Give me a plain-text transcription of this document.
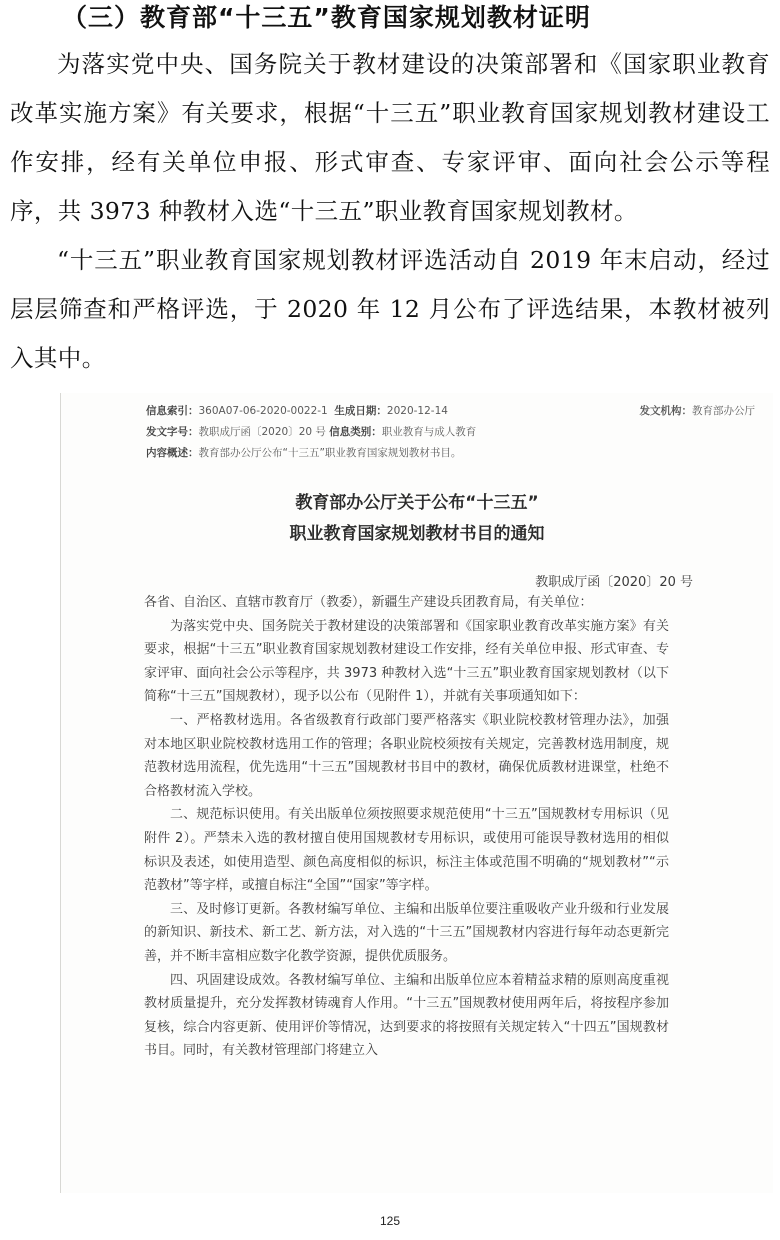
（三）教育部“十三五”教育国家规划教材证明

为落实党中央、国务院关于教材建设的决策部署和《国家职业教育改革实施方案》有关要求，根据“十三五”职业教育国家规划教材建设工作安排，经有关单位申报、形式审查、专家评审、面向社会公示等程序，共 3973 种教材入选“十三五”职业教育国家规划教材。

“十三五”职业教育国家规划教材评选活动自 2019 年末启动，经过层层筛查和严格评选，于 2020 年 12 月公布了评选结果，本教材被列入其中。

信息索引：360A07-06-2020-0022-1 生成日期：2020-12-14	发文机构：教育部办公厅
发文字号：教职成厅函〔2020〕20 号 信息类别：职业教育与成人教育
内容概述：教育部办公厅公布“十三五”职业教育国家规划教材书目。
教育部办公厅关于公布“十三五”
职业教育国家规划教材书目的通知
教职成厅函〔2020〕20 号

各省、自治区、直辖市教育厅（教委），新疆生产建设兵团教育局，有关单位：

为落实党中央、国务院关于教材建设的决策部署和《国家职业教育改革实施方案》有关要求，根据“十三五”职业教育国家规划教材建设工作安排，经有关单位申报、形式审查、专家评审、面向社会公示等程序，共 3973 种教材入选“十三五”职业教育国家规划教材（以下简称“十三五”国规教材），现予以公布（见附件 1），并就有关事项通知如下：

一、严格教材选用。各省级教育行政部门要严格落实《职业院校教材管理办法》，加强对本地区职业院校教材选用工作的管理；各职业院校须按有关规定，完善教材选用制度，规范教材选用流程，优先选用“十三五”国规教材书目中的教材，确保优质教材进课堂，杜绝不合格教材流入学校。

二、规范标识使用。有关出版单位须按照要求规范使用“十三五”国规教材专用标识（见附件 2）。严禁未入选的教材擅自使用国规教材专用标识，或使用可能误导教材选用的相似标识及表述，如使用造型、颜色高度相似的标识，标注主体或范围不明确的“规划教材”“示范教材”等字样，或擅自标注“全国”“国家”等字样。

三、及时修订更新。各教材编写单位、主编和出版单位要注重吸收产业升级和行业发展的新知识、新技术、新工艺、新方法，对入选的“十三五”国规教材内容进行每年动态更新完善，并不断丰富相应数字化教学资源，提供优质服务。

四、巩固建设成效。各教材编写单位、主编和出版单位应本着精益求精的原则高度重视教材质量提升，充分发挥教材铸魂育人作用。“十三五”国规教材使用两年后，将按程序参加复核，综合内容更新、使用评价等情况，达到要求的将按照有关规定转入“十四五”国规教材书目。同时，有关教材管理部门将建立入

125
